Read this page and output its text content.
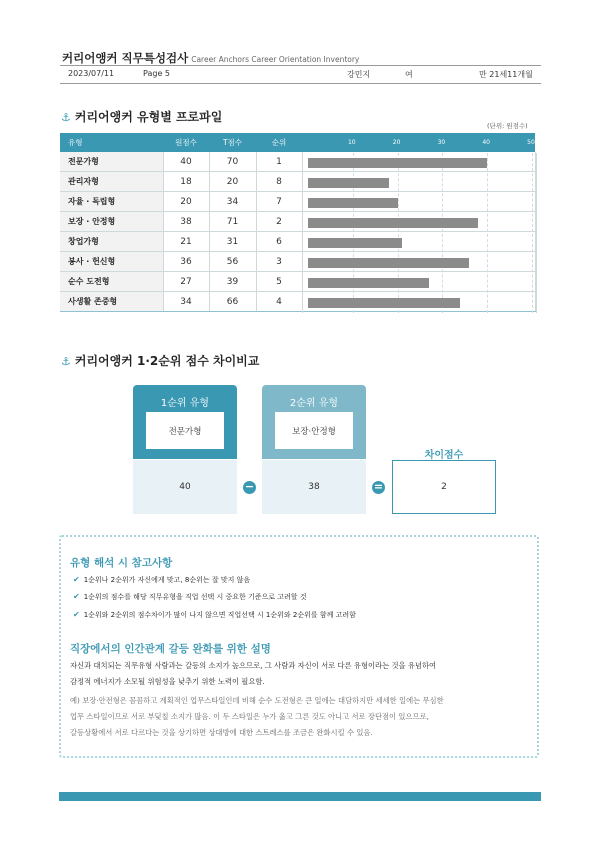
커리어앵커 직무특성검사 Career Anchors Career Orientation Inventory
2023/07/11	Page 5	강민지	여	만 21세11개월
⚓ 커리어앵커 유형별 프로파일
(단위: 원점수)
유형	원점수	T점수	순위	
전문가형	40	70	1	
관리자형	18	20	8	
자율 · 독립형	20	34	7	
보장 · 안정형	38	71	2	
창업가형	21	31	6	
봉사 · 헌신형	36	56	3	
순수 도전형	27	39	5	
사생활 존중형	34	66	4	
10	20	30	40	50
⚓ 커리어앵커 1·2순위 점수 차이비교
1순위 유형
전문가형
40	−
2순위 유형
보장·안정형
38	=
차이점수
2
유형 해석 시 참고사항
✔ 1순위나 2순위가 자신에게 맞고, 8순위는 잘 맞지 않음
✔ 1순위의 점수를 해당 직무유형을 직업 선택 시 중요한 기준으로 고려할 것
✔ 1순위와 2순위의 점수차이가 많이 나지 않으면 직업선택 시 1순위와 2순위를 함께 고려함
직장에서의 인간관계 갈등 완화를 위한 설명
자신과 대치되는 직무유형 사람과는 갈등의 소지가 높으므로, 그 사람과 자신이 서로 다른 유형이라는 것을 유념하여
감정적 에너지가 소모될 위험성을 낮추기 위한 노력이 필요함.
예) 보장·안전형은 꼼꼼하고 계획적인 업무스타일인데 비해 순수 도전형은 큰 일에는 대담하지만 세세한 일에는 무심한
업무 스타일이므로 서로 부딪칠 소지가 많음. 이 두 스타일은 누가 옳고 그른 것도 아니고 서로 장단점이 있으므로,
갈등상황에서 서로 다르다는 것을 상기하면 상대방에 대한 스트레스를 조금은 완화시킬 수 있음.
